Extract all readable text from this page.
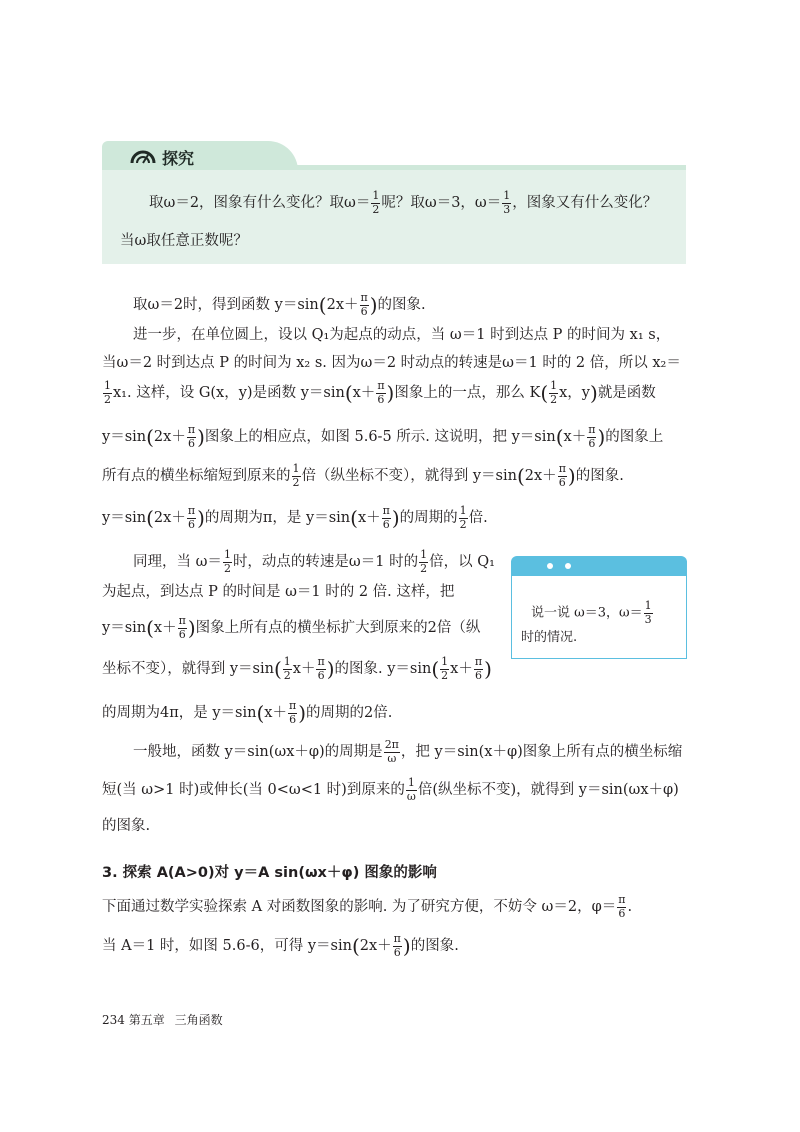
探究
取ω＝2，图象有什么变化？取$\omega= \frac{1}{2}$ 呢？取ω＝3，$\omega= \frac{1}{3}$ ，图象又有什么变化？
当ω取任意正数呢？
取ω＝2时，得到函数 $y=\sin(2x+ \frac{\pi}{6}$ )的图象.
进一步，在单位圆上，设以 Q₁为起点的动点，当 ω＝1 时到达点 P 的时间为 x₁ s，
当ω＝2 时到达点 P 的时间为 x₂ s. 因为ω＝2 时动点的转速是ω＝1 时的 2 倍，所以 x₂＝
$\frac{1}{2} x_1$. 这样，设 G(x，y)是函数 $y=\sin(x+ \frac{\pi}{6}$ )图象上的一点，那么 $K( \frac{1}{2}$ x，y)就是函数
$y=\sin(2x+ \frac{\pi}{6}$ )图象上的相应点，如图 5.6-5 所示. 这说明，把 $y=\sin(x+ \frac{\pi}{6}$ )的图象上
所有点的横坐标缩短到原来的 $\frac{1}{2}$ 倍（纵坐标不变），就得到 $y=\sin(2x+ \frac{\pi}{6}$ )的图象.
$y=\sin(2x+ \frac{\pi}{6}$ )的周期为π，是 $y=\sin(x+ \frac{\pi}{6}$ )的周期的 $\frac{1}{2}$ 倍.
同理，当 $\omega= \frac{1}{2}$ 时，动点的转速是ω＝1 时的 $\frac{1}{2}$ 倍，以 Q₁
为起点，到达点 P 的时间是 ω＝1 时的 2 倍. 这样，把
$y=\sin(x+ \frac{\pi}{6}$ )图象上所有点的横坐标扩大到原来的2倍（纵
坐标不变），就得到 $y=\sin( \frac{1}{2} x+ \frac{\pi}{6}$ )的图象. $y=\sin( \frac{1}{2} x+ \frac{\pi}{6}$ )
的周期为4π，是 $y=\sin(x+ \frac{\pi}{6}$ )的周期的2倍.
说一说 ω＝3，$\omega= \frac{1}{3}$
时的情况.
一般地，函数 y＝sin(ωx＋φ)的周期是 $\frac{2\pi}{\omega}$ ，把 y＝sin(x＋φ)图象上所有点的横坐标缩
短(当 ω>1 时)或伸长(当 0<ω<1 时)到原来的 $\frac{1}{\omega}$ 倍(纵坐标不变)，就得到 y＝sin(ωx＋φ)
的图象.
3. 探索 A(A>0)对 y＝A sin(ωx＋φ) 图象的影响
下面通过数学实验探索 A 对函数图象的影响. 为了研究方便，不妨令 ω＝2，$\varphi= \frac{\pi}{6}$ .
当 A＝1 时，如图 5.6-6，可得 $y=\sin(2x+ \frac{\pi}{6}$ )的图象.
234 第五章 三角函数
